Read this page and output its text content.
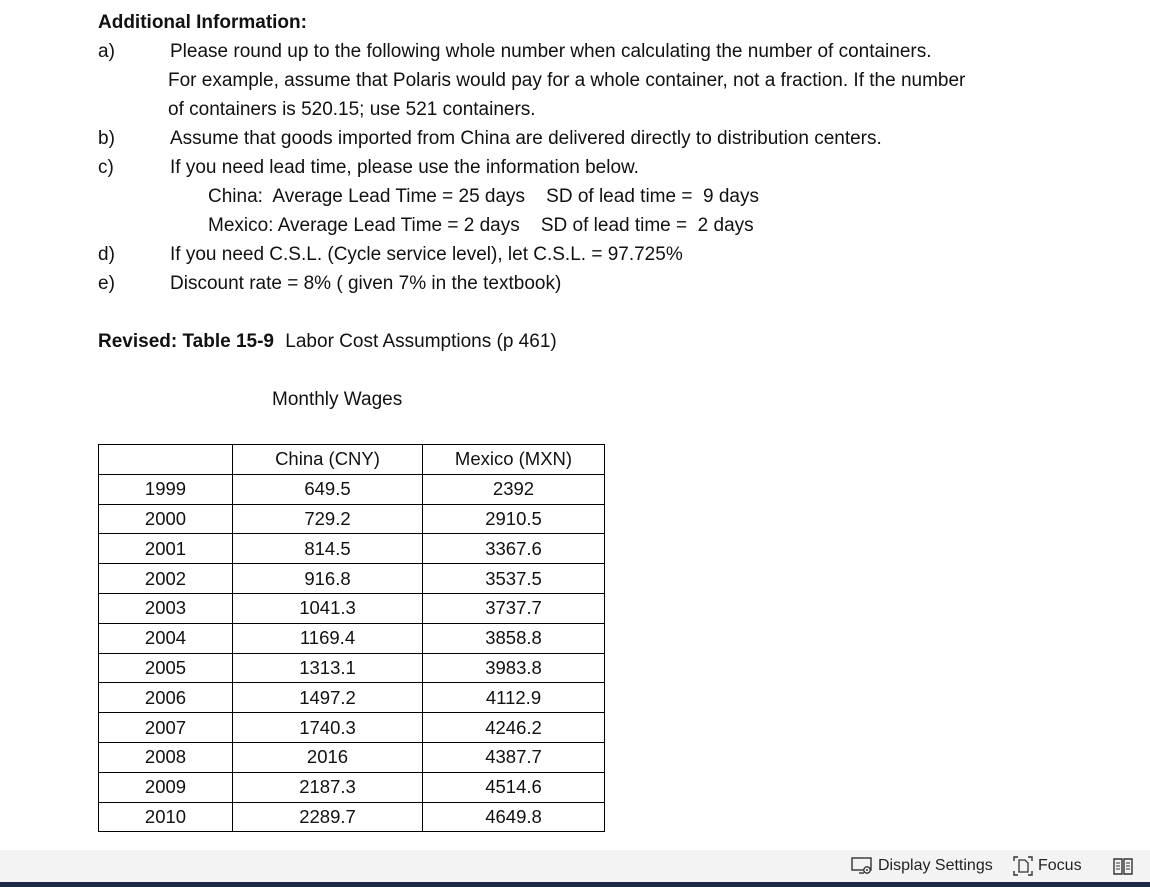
Additional Information:
a)	Please round up to the following whole number when calculating the number of containers.
For example, assume that Polaris would pay for a whole container, not a fraction. If the number
of containers is 520.15; use 521 containers.
b)	Assume that goods imported from China are delivered directly to distribution centers.
c)	If you need lead time, please use the information below.
China:  Average Lead Time = 25 days    SD of lead time =  9 days
Mexico: Average Lead Time = 2 days    SD of lead time =  2 days
d)	If you need C.S.L. (Cycle service level), let C.S.L. = 97.725%
e)	Discount rate = 8% ( given 7% in the textbook)
Revised: Table 15-9 Labor Cost Assumptions (p 461)
Monthly Wages
	China (CNY)	Mexico (MXN)
1999	649.5	2392
2000	729.2	2910.5
2001	814.5	3367.6
2002	916.8	3537.5
2003	1041.3	3737.7
2004	1169.4	3858.8
2005	1313.1	3983.8
2006	1497.2	4112.9
2007	1740.3	4246.2
2008	2016	4387.7
2009	2187.3	4514.6
2010	2289.7	4649.8
Display Settings	Focus
